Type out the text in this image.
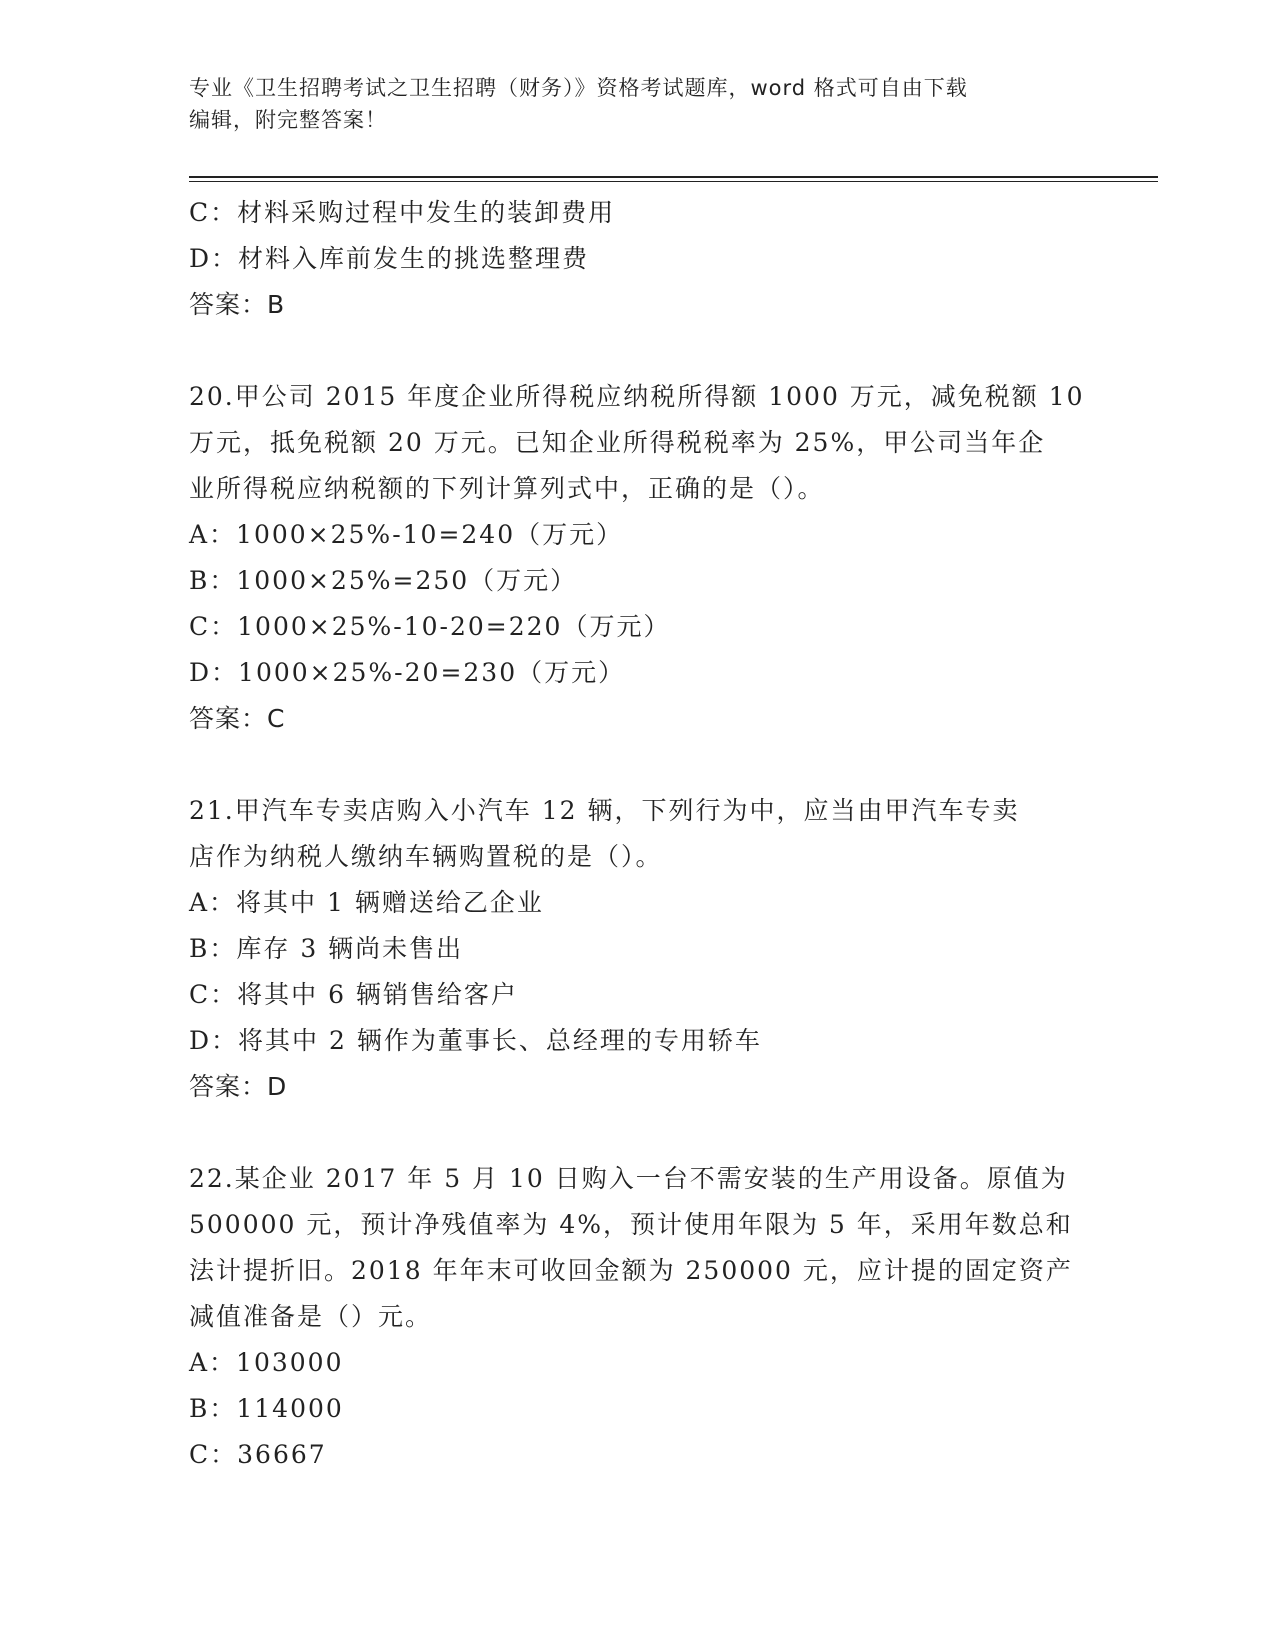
专业《卫生招聘考试之卫生招聘（财务）》资格考试题库，word 格式可自由下载
编辑，附完整答案！
C：材料采购过程中发生的装卸费用
D：材料入库前发生的挑选整理费
答案：B
20.甲公司 2015 年度企业所得税应纳税所得额 1000 万元，减免税额 10
万元，抵免税额 20 万元。已知企业所得税税率为 25%，甲公司当年企
业所得税应纳税额的下列计算列式中，正确的是（）。
A：1000×25%-10=240（万元）
B：1000×25%=250（万元）
C：1000×25%-10-20=220（万元）
D：1000×25%-20=230（万元）
答案：C
21.甲汽车专卖店购入小汽车 12 辆，下列行为中，应当由甲汽车专卖
店作为纳税人缴纳车辆购置税的是（）。
A：将其中 1 辆赠送给乙企业
B：库存 3 辆尚未售出
C：将其中 6 辆销售给客户
D：将其中 2 辆作为董事长、总经理的专用轿车
答案：D
22.某企业 2017 年 5 月 10 日购入一台不需安装的生产用设备。原值为
500000 元，预计净残值率为 4%，预计使用年限为 5 年，采用年数总和
法计提折旧。2018 年年末可收回金额为 250000 元，应计提的固定资产
减值准备是（）元。
A：103000
B：114000
C：36667
